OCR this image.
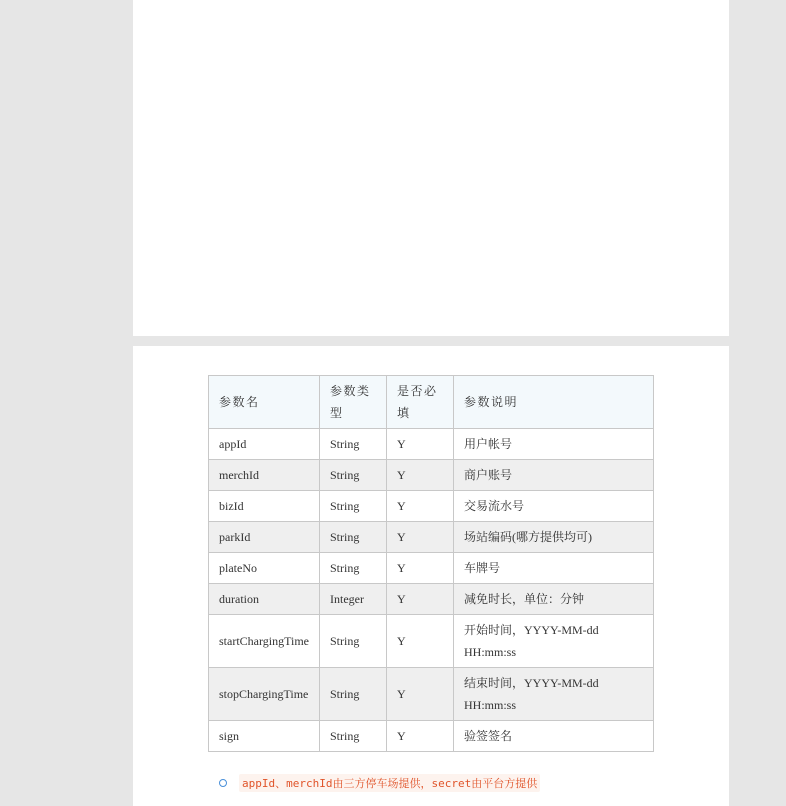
参数名	参数类型	是否必填	参数说明
appId	String	Y	用户帐号
merchId	String	Y	商户账号
bizId	String	Y	交易流水号
parkId	String	Y	场站编码(哪方提供均可)
plateNo	String	Y	车牌号
duration	Integer	Y	减免时长，单位：分钟
startChargingTime	String	Y	开始时间，YYYY-MM-dd HH:mm:ss
stopChargingTime	String	Y	结束时间，YYYY-MM-dd HH:mm:ss
sign	String	Y	验签签名
appId、merchId由三方停车场提供，secret由平台方提供
